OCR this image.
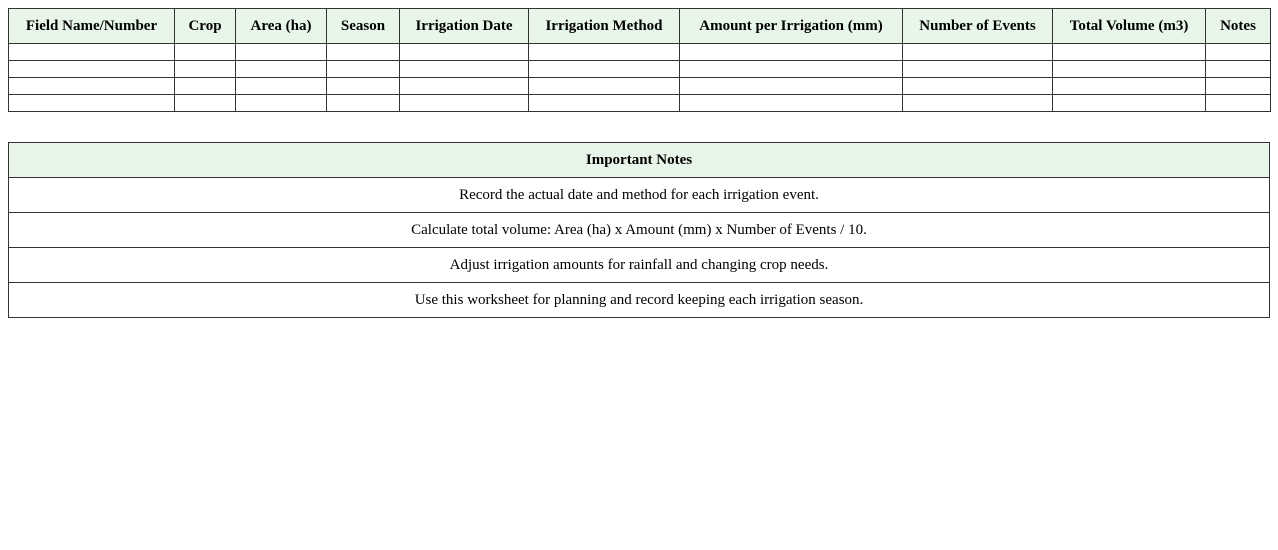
Field Name/Number	Crop	Area (ha)	Season	Irrigation Date	Irrigation Method	Amount per Irrigation (mm)	Number of Events	Total Volume (m3)	Notes

Important Notes
Record the actual date and method for each irrigation event.
Calculate total volume: Area (ha) x Amount (mm) x Number of Events / 10.
Adjust irrigation amounts for rainfall and changing crop needs.
Use this worksheet for planning and record keeping each irrigation season.
